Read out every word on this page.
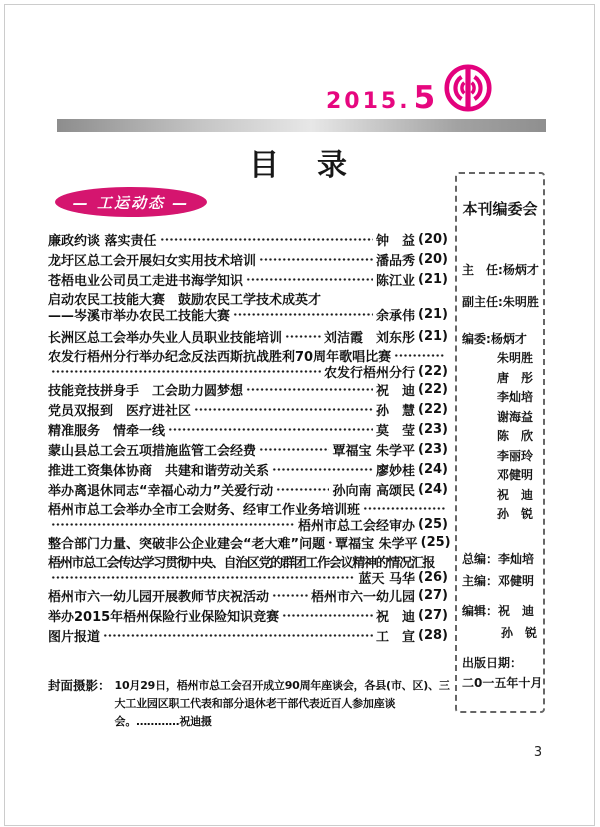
2015. 5
目　录
— 工运动态 —
廉政约谈 落实责任	钟　益 (20)
龙圩区总工会开展妇女实用技术培训	潘品秀 (20)
苍梧电业公司员工走进书海学知识	陈江业 (21)
启动农民工技能大赛　鼓励农民工学技术成英才
——岑溪市举办农民工技能大赛	余承伟 (21)
长洲区总工会举办失业人员职业技能培训	刘洁霞　刘东彤 (21)
农发行梧州分行举办纪念反法西斯抗战胜利70周年歌唱比赛
农发行梧州分行 (22)
技能竞技拼身手　工会助力圆梦想	祝　迪 (22)
党员双报到　医疗进社区	孙　慧 (22)
精准服务　情牵一线	莫　莹 (23)
蒙山县总工会五项措施监管工会经费	覃福宝 朱学平 (23)
推进工资集体协商　共建和谐劳动关系	廖妙桂 (24)
举办离退休同志“幸福心动力”关爱行动	孙向南 高颂民 (24)
梧州市总工会举办全市工会财务、经审工作业务培训班
梧州市总工会经审办 (25)
整合部门力量、突破非公企业建会“老大难”问题 覃福宝 朱学平 (25)
梧州市总工会传达学习贯彻中央、自治区党的群团工作会议精神的情况汇报
蓝天 马华 (26)
梧州市六一幼儿园开展教师节庆祝活动	梧州市六一幼儿园 (27)
举办2015年梧州保险行业保险知识竞赛	祝　迪 (27)
图片报道	工　宣 (28)
封面摄影： 10月29日，梧州市总工会召开成立90周年座谈会，各县(市、区)、三大工业园区职工代表和部分退休老干部代表近百人参加座谈会。…………祝迪摄
本刊编委会
主　任: 杨炳才
副主任: 朱明胜
编委: 杨炳才
朱明胜
唐　彤
李灿培
谢海益
陈　欣
李丽玲
邓健明
祝　迪
孙　锐
总编： 李灿培
主编： 邓健明
编辑： 祝　迪
孙　锐
出版日期：
二0一五年十月
3
